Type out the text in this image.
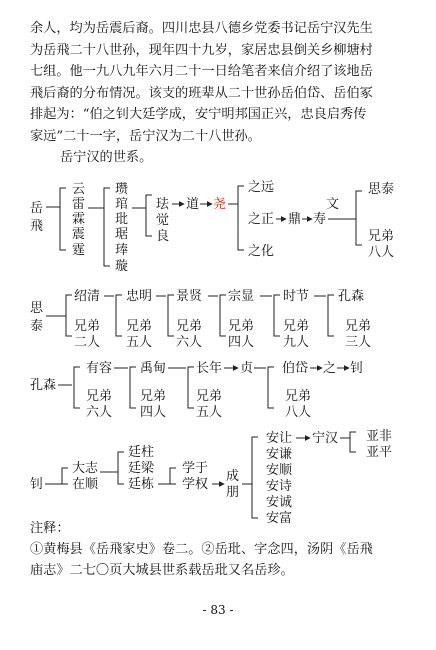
余人，均为岳震后裔。四川忠县八德乡党委书记岳宁汉先生
为岳飛二十八世孙，现年四十九岁，家居忠县倒关乡柳塘村
七组。他一九八九年六月二十一日给笔者来信介绍了该地岳
飛后裔的分布情况。该支的班辈从二十世孙岳伯岱、岳伯冢
排起为：“伯之钊大廷学成，安宁明邦国正兴，忠良启秀传
家远”二十一字，岳宁汉为二十八世孙。
岳宁汉的世系。
岳
飛
云
雷
霖
震
霆
瓒
琯
玭
琚
琫
璇
珐
觉
良
道 尧
之远
之正
之化
鼎
文
寿
思泰
兄弟
八人
思
泰
绍清
兄弟
二人
忠明
兄弟
五人
景贤
兄弟
六人
宗显
兄弟
四人
时节
兄弟
九人
孔森
兄弟
三人
孔森
有容
兄弟
六人
禹甸
兄弟
四人
长年
兄弟
五人
贞 伯岱 之 钊
兄弟
八人
钊
大志
在顺
廷柱
廷梁
廷栋
学于
学权
成
朋
安让
安谦
安顺
安诗
安诚
安富
宁汉 亚非
亚平
注释：
①黄梅县《岳飛家史》卷二。②岳玭、字念四，汤阴《岳飛
庙志》二七〇页大城县世系载岳玭又名岳珍。
- 83 -
